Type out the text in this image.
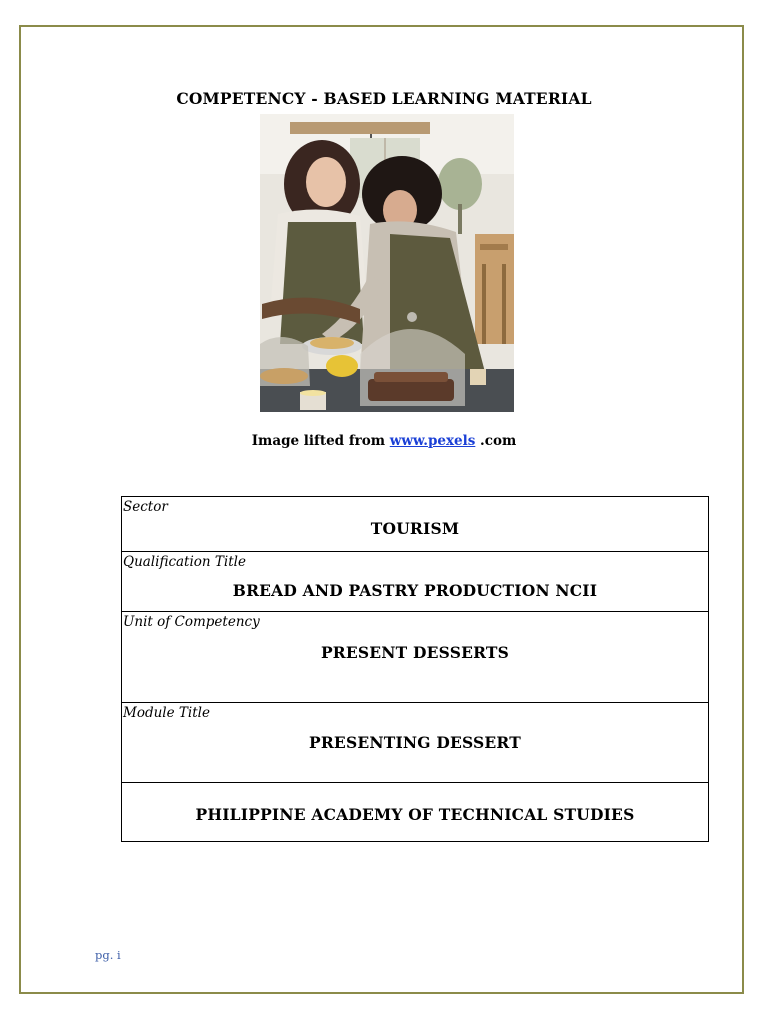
COMPETENCY - BASED LEARNING MATERIAL
Image lifted from www.pexels .com
Sector
TOURISM

Qualification Title
BREAD AND PASTRY PRODUCTION NCII

Unit of Competency
PRESENT DESSERTS

Module Title
PRESENTING DESSERT

PHILIPPINE ACADEMY OF TECHNICAL STUDIES
pg. i
